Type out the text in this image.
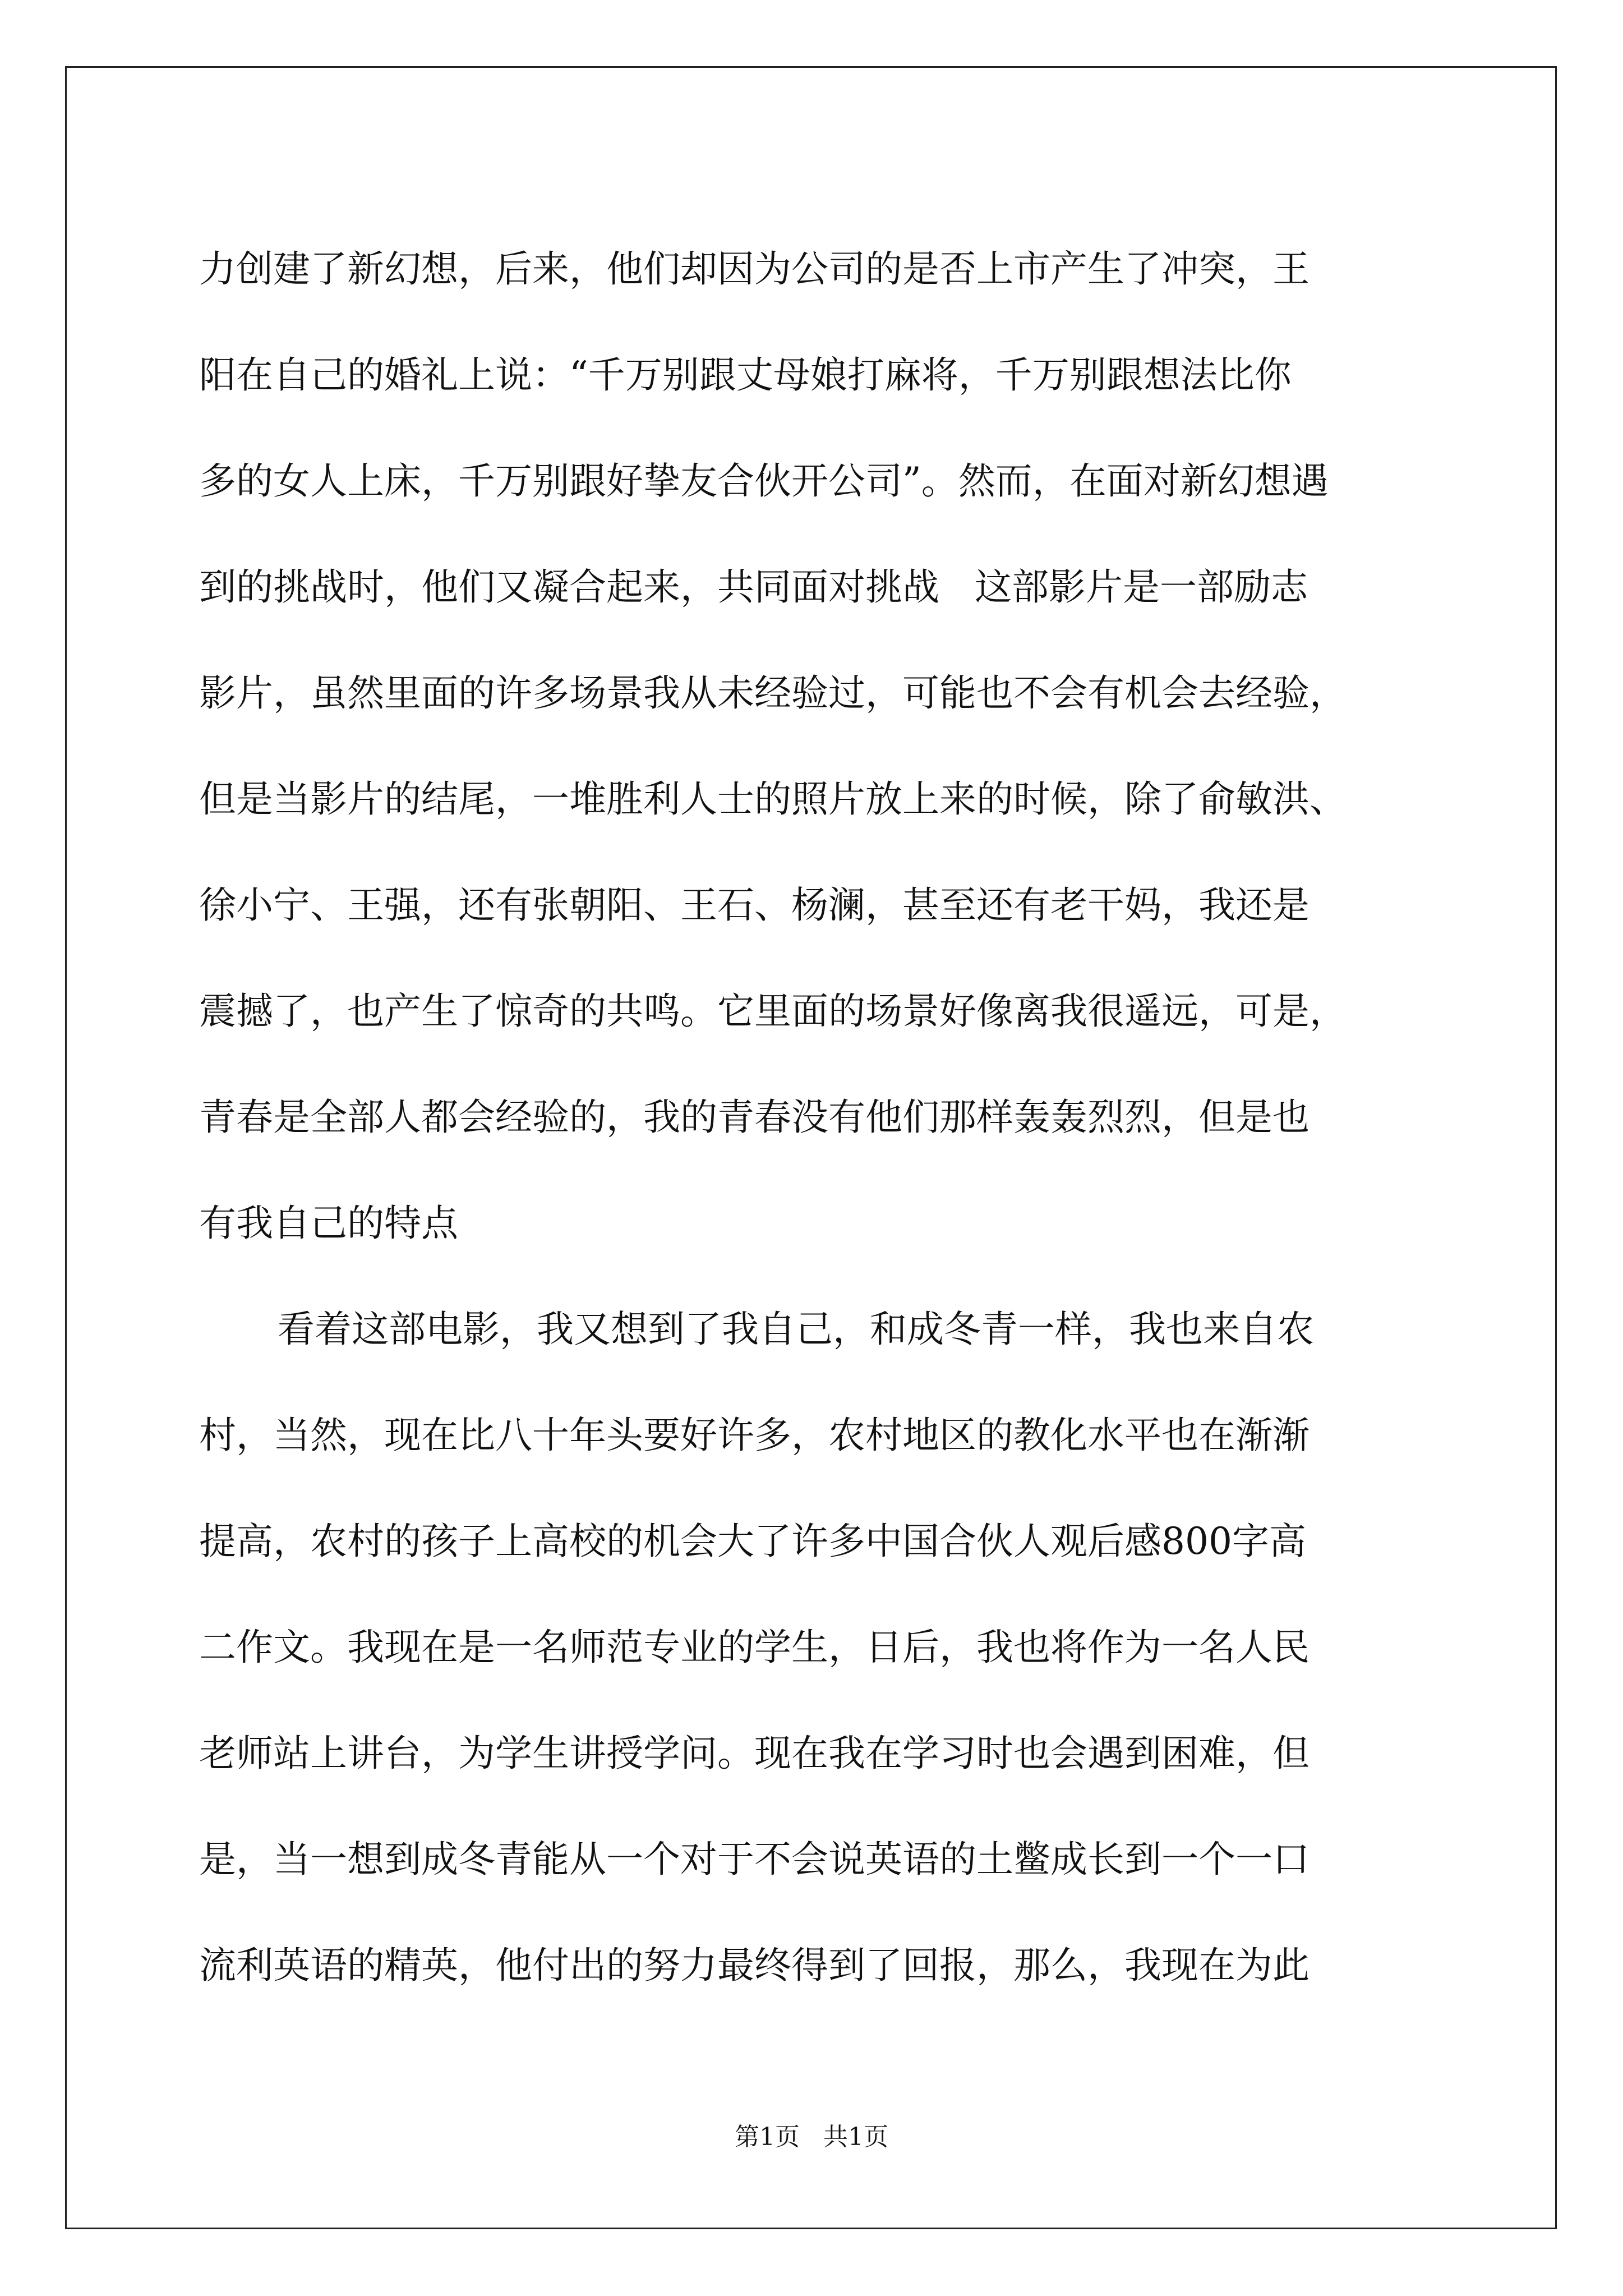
力创建了新幻想，后来，他们却因为公司的是否上市产生了冲突，王
阳在自己的婚礼上说：“千万别跟丈母娘打麻将，千万别跟想法比你
多的女人上床，千万别跟好挚友合伙开公司”。然而，在面对新幻想遇
到的挑战时，他们又凝合起来，共同面对挑战   这部影片是一部励志
影片，虽然里面的许多场景我从未经验过，可能也不会有机会去经验，
但是当影片的结尾，一堆胜利人士的照片放上来的时候，除了俞敏洪、
徐小宁、王强，还有张朝阳、王石、杨澜，甚至还有老干妈，我还是
震撼了，也产生了惊奇的共鸣。它里面的场景好像离我很遥远，可是，
青春是全部人都会经验的，我的青春没有他们那样轰轰烈烈，但是也
有我自己的特点
看着这部电影，我又想到了我自己，和成冬青一样，我也来自农
村，当然，现在比八十年头要好许多，农村地区的教化水平也在渐渐
提高，农村的孩子上高校的机会大了许多中国合伙人观后感800字高
二作文。我现在是一名师范专业的学生，日后，我也将作为一名人民
老师站上讲台，为学生讲授学问。现在我在学习时也会遇到困难，但
是，当一想到成冬青能从一个对于不会说英语的土鳖成长到一个一口
流利英语的精英，他付出的努力最终得到了回报，那么，我现在为此
第1页   共1页
